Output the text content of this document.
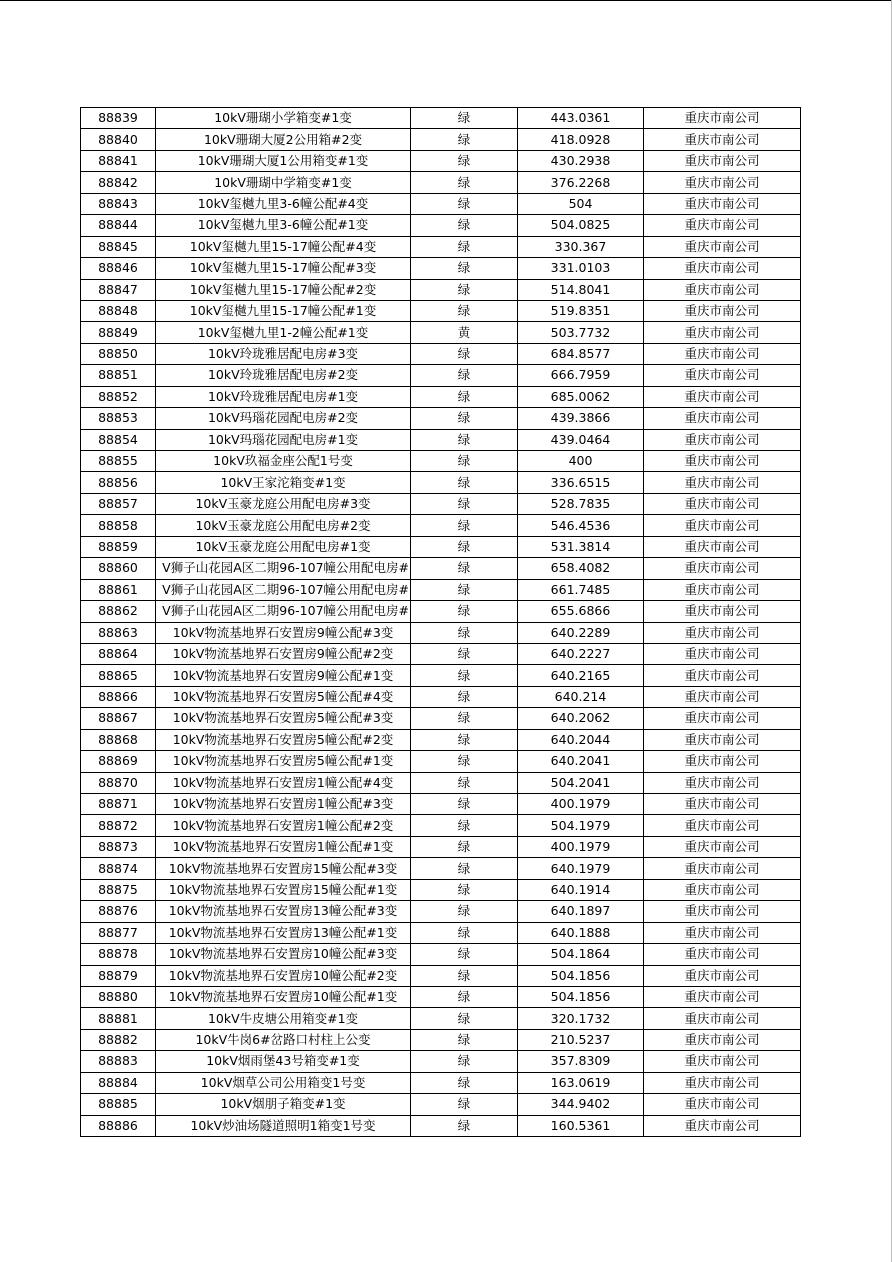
88839	10kV珊瑚小学箱变#1变	绿	443.0361	重庆市南公司
88840	10kV珊瑚大厦2公用箱#2变	绿	418.0928	重庆市南公司
88841	10kV珊瑚大厦1公用箱变#1变	绿	430.2938	重庆市南公司
88842	10kV珊瑚中学箱变#1变	绿	376.2268	重庆市南公司
88843	10kV玺樾九里3-6幢公配#4变	绿	504	重庆市南公司
88844	10kV玺樾九里3-6幢公配#1变	绿	504.0825	重庆市南公司
88845	10kV玺樾九里15-17幢公配#4变	绿	330.367	重庆市南公司
88846	10kV玺樾九里15-17幢公配#3变	绿	331.0103	重庆市南公司
88847	10kV玺樾九里15-17幢公配#2变	绿	514.8041	重庆市南公司
88848	10kV玺樾九里15-17幢公配#1变	绿	519.8351	重庆市南公司
88849	10kV玺樾九里1-2幢公配#1变	黄	503.7732	重庆市南公司
88850	10kV玲珑雅居配电房#3变	绿	684.8577	重庆市南公司
88851	10kV玲珑雅居配电房#2变	绿	666.7959	重庆市南公司
88852	10kV玲珑雅居配电房#1变	绿	685.0062	重庆市南公司
88853	10kV玛瑙花园配电房#2变	绿	439.3866	重庆市南公司
88854	10kV玛瑙花园配电房#1变	绿	439.0464	重庆市南公司
88855	10kV玖福金座公配1号变	绿	400	重庆市南公司
88856	10kV王家沱箱变#1变	绿	336.6515	重庆市南公司
88857	10kV玉豪龙庭公用配电房#3变	绿	528.7835	重庆市南公司
88858	10kV玉豪龙庭公用配电房#2变	绿	546.4536	重庆市南公司
88859	10kV玉豪龙庭公用配电房#1变	绿	531.3814	重庆市南公司
88860	V狮子山花园A区二期96-107幢公用配电房#	绿	658.4082	重庆市南公司
88861	V狮子山花园A区二期96-107幢公用配电房#	绿	661.7485	重庆市南公司
88862	V狮子山花园A区二期96-107幢公用配电房#	绿	655.6866	重庆市南公司
88863	10kV物流基地界石安置房9幢公配#3变	绿	640.2289	重庆市南公司
88864	10kV物流基地界石安置房9幢公配#2变	绿	640.2227	重庆市南公司
88865	10kV物流基地界石安置房9幢公配#1变	绿	640.2165	重庆市南公司
88866	10kV物流基地界石安置房5幢公配#4变	绿	640.214	重庆市南公司
88867	10kV物流基地界石安置房5幢公配#3变	绿	640.2062	重庆市南公司
88868	10kV物流基地界石安置房5幢公配#2变	绿	640.2044	重庆市南公司
88869	10kV物流基地界石安置房5幢公配#1变	绿	640.2041	重庆市南公司
88870	10kV物流基地界石安置房1幢公配#4变	绿	504.2041	重庆市南公司
88871	10kV物流基地界石安置房1幢公配#3变	绿	400.1979	重庆市南公司
88872	10kV物流基地界石安置房1幢公配#2变	绿	504.1979	重庆市南公司
88873	10kV物流基地界石安置房1幢公配#1变	绿	400.1979	重庆市南公司
88874	10kV物流基地界石安置房15幢公配#3变	绿	640.1979	重庆市南公司
88875	10kV物流基地界石安置房15幢公配#1变	绿	640.1914	重庆市南公司
88876	10kV物流基地界石安置房13幢公配#3变	绿	640.1897	重庆市南公司
88877	10kV物流基地界石安置房13幢公配#1变	绿	640.1888	重庆市南公司
88878	10kV物流基地界石安置房10幢公配#3变	绿	504.1864	重庆市南公司
88879	10kV物流基地界石安置房10幢公配#2变	绿	504.1856	重庆市南公司
88880	10kV物流基地界石安置房10幢公配#1变	绿	504.1856	重庆市南公司
88881	10kV牛皮塘公用箱变#1变	绿	320.1732	重庆市南公司
88882	10kV牛岗6#岔路口村柱上公变	绿	210.5237	重庆市南公司
88883	10kV烟雨堡43号箱变#1变	绿	357.8309	重庆市南公司
88884	10kV烟草公司公用箱变1号变	绿	163.0619	重庆市南公司
88885	10kV烟朋子箱变#1变	绿	344.9402	重庆市南公司
88886	10kV炒油场隧道照明1箱变1号变	绿	160.5361	重庆市南公司
